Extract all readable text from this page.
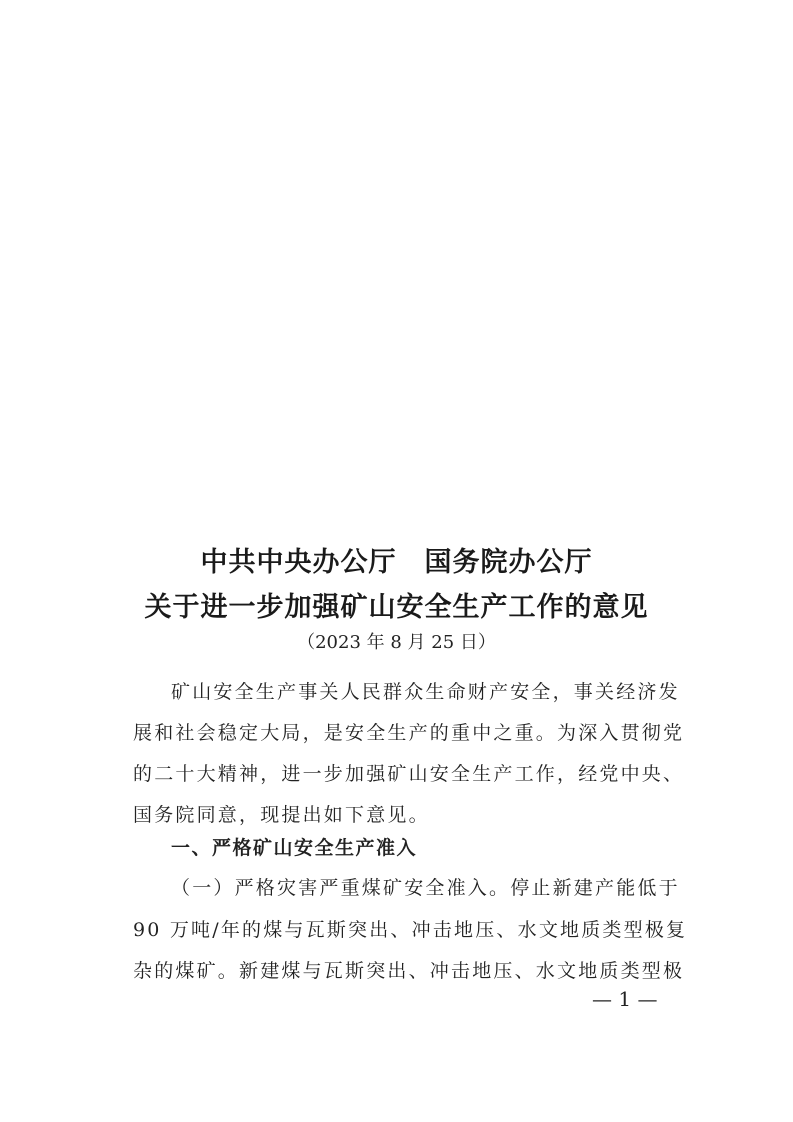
中共中央办公厅　国务院办公厅
关于进一步加强矿山安全生产工作的意见
（2023 年 8 月 25 日）
矿山安全生产事关人民群众生命财产安全，事关经济发
展和社会稳定大局，是安全生产的重中之重。为深入贯彻党
的二十大精神，进一步加强矿山安全生产工作，经党中央、
国务院同意，现提出如下意见。
一、严格矿山安全生产准入
（一）严格灾害严重煤矿安全准入。停止新建产能低于
90 万吨/年的煤与瓦斯突出、冲击地压、水文地质类型极复
杂的煤矿。新建煤与瓦斯突出、冲击地压、水文地质类型极
— 1 —
